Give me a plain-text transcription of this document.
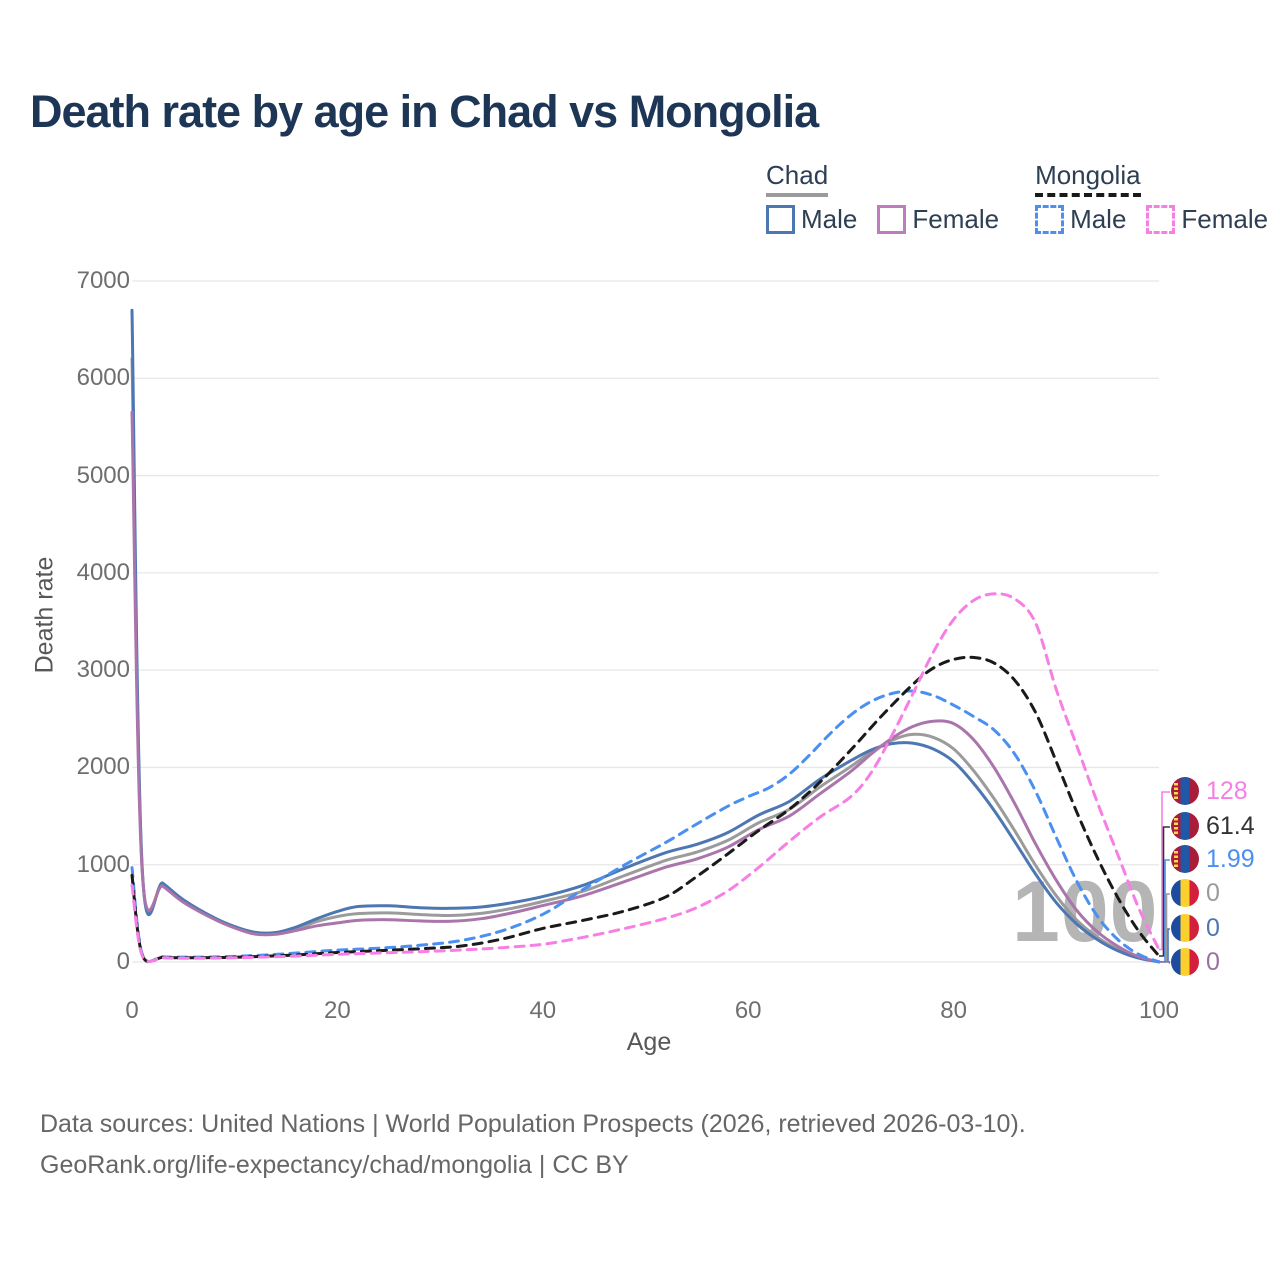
Death rate by age in Chad vs Mongolia
Chad
Male Female
Mongolia
Male Female
100
0
1000
2000
3000
4000
5000
6000
7000
0	20	40	60	80	100
Death rate
Age
128
61.4
1.99
0
0
0
Data sources: United Nations | World Population Prospects (2026, retrieved 2026-03-10).
GeoRank.org/life-expectancy/chad/mongolia | CC BY
